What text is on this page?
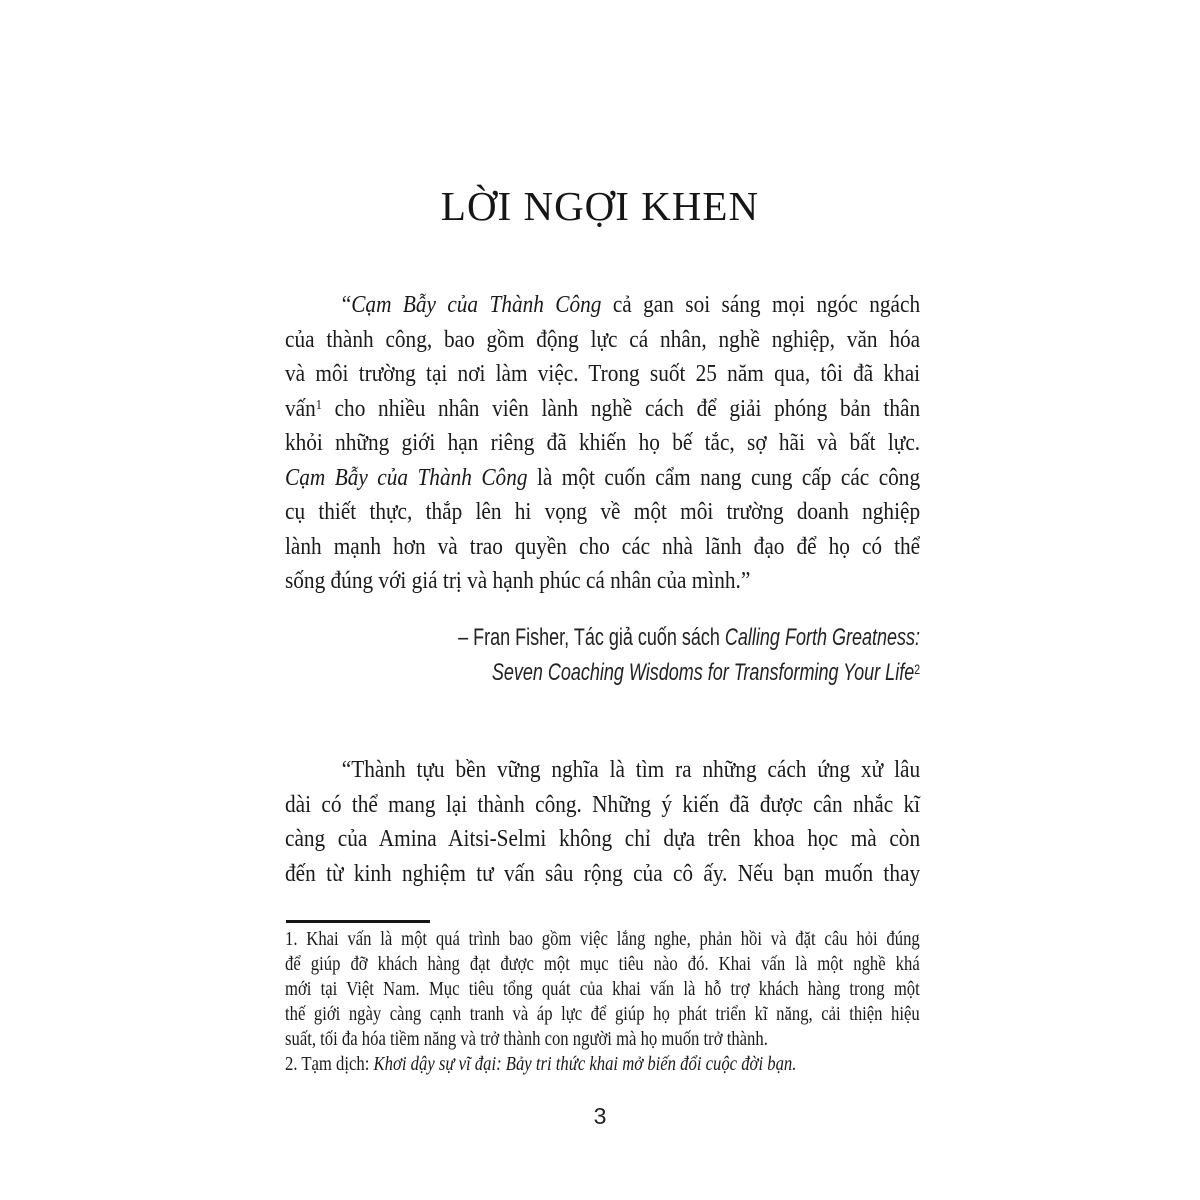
LỜI NGỢI KHEN
“Cạm Bẫy của Thành Công cả gan soi sáng mọi ngóc ngách
của thành công, bao gồm động lực cá nhân, nghề nghiệp, văn hóa
và môi trường tại nơi làm việc. Trong suốt 25 năm qua, tôi đã khai
vấn$^1$ cho nhiều nhân viên lành nghề cách để giải phóng bản thân
khỏi những giới hạn riêng đã khiến họ bế tắc, sợ hãi và bất lực.
Cạm Bẫy của Thành Công là một cuốn cẩm nang cung cấp các công
cụ thiết thực, thắp lên hi vọng về một môi trường doanh nghiệp
lành mạnh hơn và trao quyền cho các nhà lãnh đạo để họ có thể
sống đúng với giá trị và hạnh phúc cá nhân của mình.”
– Fran Fisher, Tác giả cuốn sách Calling Forth Greatness:
Seven Coaching Wisdoms for Transforming Your Life$^2$
“Thành tựu bền vững nghĩa là tìm ra những cách ứng xử lâu
dài có thể mang lại thành công. Những ý kiến đã được cân nhắc kĩ
càng của Amina Aitsi-Selmi không chỉ dựa trên khoa học mà còn
đến từ kinh nghiệm tư vấn sâu rộng của cô ấy. Nếu bạn muốn thay
1. Khai vấn là một quá trình bao gồm việc lắng nghe, phản hồi và đặt câu hỏi đúng
để giúp đỡ khách hàng đạt được một mục tiêu nào đó. Khai vấn là một nghề khá
mới tại Việt Nam. Mục tiêu tổng quát của khai vấn là hỗ trợ khách hàng trong một
thế giới ngày càng cạnh tranh và áp lực để giúp họ phát triển kĩ năng, cải thiện hiệu
suất, tối đa hóa tiềm năng và trở thành con người mà họ muốn trở thành.
2. Tạm dịch: Khơi dậy sự vĩ đại: Bảy tri thức khai mở biến đổi cuộc đời bạn.
3
